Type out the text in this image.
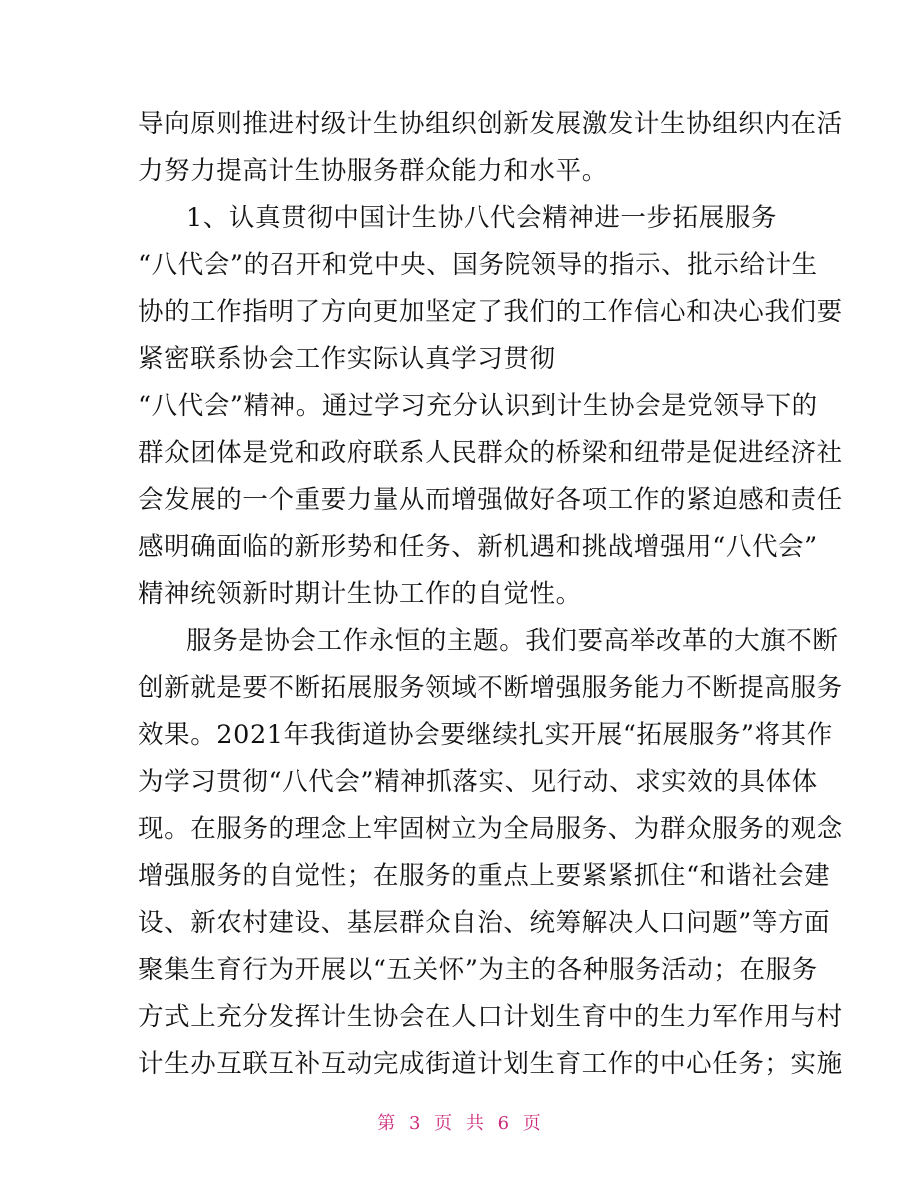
导向原则推进村级计生协组织创新发展激发计生协组织内在活
力努力提高计生协服务群众能力和水平。
1、认真贯彻中国计生协八代会精神进一步拓展服务
“八代会”的召开和党中央、国务院领导的指示、批示给计生
协的工作指明了方向更加坚定了我们的工作信心和决心我们要
紧密联系协会工作实际认真学习贯彻
“八代会”精神。通过学习充分认识到计生协会是党领导下的
群众团体是党和政府联系人民群众的桥梁和纽带是促进经济社
会发展的一个重要力量从而增强做好各项工作的紧迫感和责任
感明确面临的新形势和任务、新机遇和挑战增强用“八代会”
精神统领新时期计生协工作的自觉性。
服务是协会工作永恒的主题。我们要高举改革的大旗不断
创新就是要不断拓展服务领域不断增强服务能力不断提高服务
效果。2021年我街道协会要继续扎实开展“拓展服务”将其作
为学习贯彻“八代会”精神抓落实、见行动、求实效的具体体
现。在服务的理念上牢固树立为全局服务、为群众服务的观念
增强服务的自觉性；在服务的重点上要紧紧抓住“和谐社会建
设、新农村建设、基层群众自治、统筹解决人口问题”等方面
聚集生育行为开展以“五关怀”为主的各种服务活动；在服务
方式上充分发挥计生协会在人口计划生育中的生力军作用与村
计生办互联互补互动完成街道计划生育工作的中心任务；实施
第 3 页 共 6 页
